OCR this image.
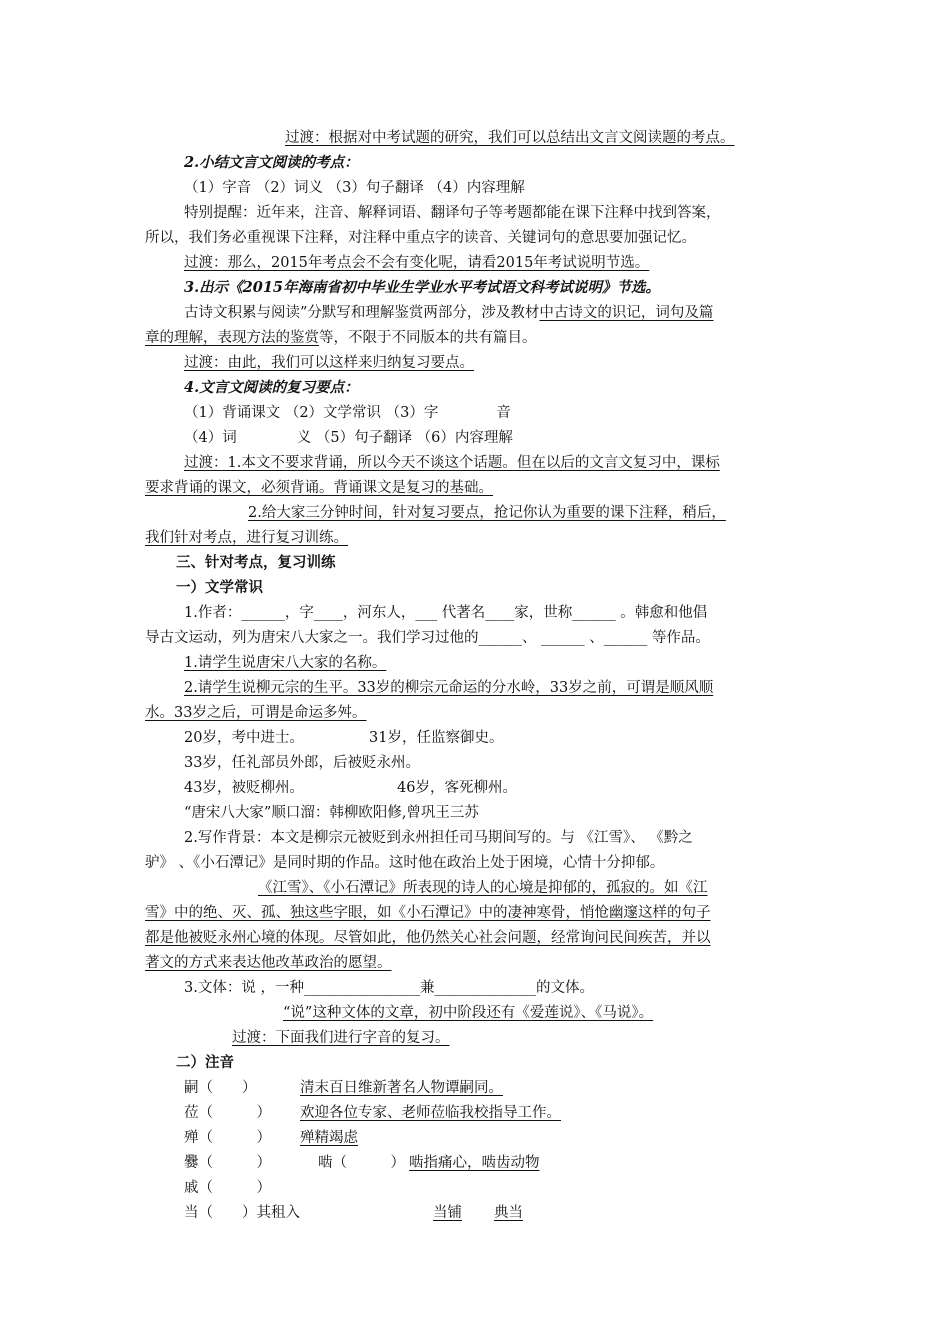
过渡：根据对中考试题的研究，我们可以总结出文言文阅读题的考点。
2.小结文言文阅读的考点：
（1）字音 （2）词义 （3）句子翻译 （4）内容理解
特别提醒：近年来，注音、解释词语、翻译句子等考题都能在课下注释中找到答案，
所以，我们务必重视课下注释，对注释中重点字的读音、关键词句的意思要加强记忆。
过渡：那么，2015年考点会不会有变化呢，请看2015年考试说明节选。
3.出示《2015年海南省初中毕业生学业水平考试语文科考试说明》节选。
古诗文积累与阅读”分默写和理解鉴赏两部分，涉及教材中古诗文的识记，词句及篇
章的理解，表现方法的鉴赏等，不限于不同版本的共有篇目。
过渡：由此，我们可以这样来归纳复习要点。
4.文言文阅读的复习要点：
（1）背诵课文 （2）文学常识 （3）字	音
（4）词	义 （5）句子翻译 （6）内容理解
过渡：1.本文不要求背诵，所以今天不谈这个话题。但在以后的文言文复习中，课标
要求背诵的课文，必须背诵。背诵课文是复习的基础。
2.给大家三分钟时间，针对复习要点，抢记你认为重要的课下注释，稍后，
我们针对考点，进行复习训练。
三、针对考点，复习训练
一）文学常识
1.作者：______，字____，河东人，___ 代著名____家，世称______ 。韩愈和他倡
导古文运动，列为唐宋八大家之一。我们学习过他的______、 ______ 、______ 等作品。
1.请学生说唐宋八大家的名称。
2.请学生说柳元宗的生平。33岁的柳宗元命运的分水岭，33岁之前，可谓是顺风顺
水。33岁之后，可谓是命运多舛。
20岁，考中进士。	31岁，任监察御史。
33岁，任礼部员外郎，后被贬永州。
43岁，被贬柳州。	46岁，客死柳州。
“唐宋八大家”顺口溜：韩柳欧阳修,曾巩王三苏
2.写作背景：本文是柳宗元被贬到永州担任司马期间写的。与 《江雪》、 《黔之
驴》 、《小石潭记》是同时期的作品。这时他在政治上处于困境，心情十分抑郁。
《江雪》、《小石潭记》所表现的诗人的心境是抑郁的，孤寂的。如《江
雪》中的绝、灭、孤、独这些字眼，如《小石潭记》中的凄神寒骨，悄怆幽邃这样的句子
都是他被贬永州心境的体现。尽管如此，他仍然关心社会问题，经常询问民间疾苦，并以
著文的方式来表达他改革政治的愿望。
3.文体：说 ，一种________________兼______________的文体。
“说”这种文体的文章，初中阶段还有《爱莲说》、《马说》。
过渡：下面我们进行字音的复习。
二）注音
嗣（　　）	清末百日维新著名人物谭嗣同。
莅（　　　） 欢迎各位专家、老师莅临我校指导工作。
殚（　　　） 殚精竭虑
爨（　　　）	啮（　　　） 啮指痛心，啮齿动物
戚（　　　）
当（　　）其租入	当铺	典当
